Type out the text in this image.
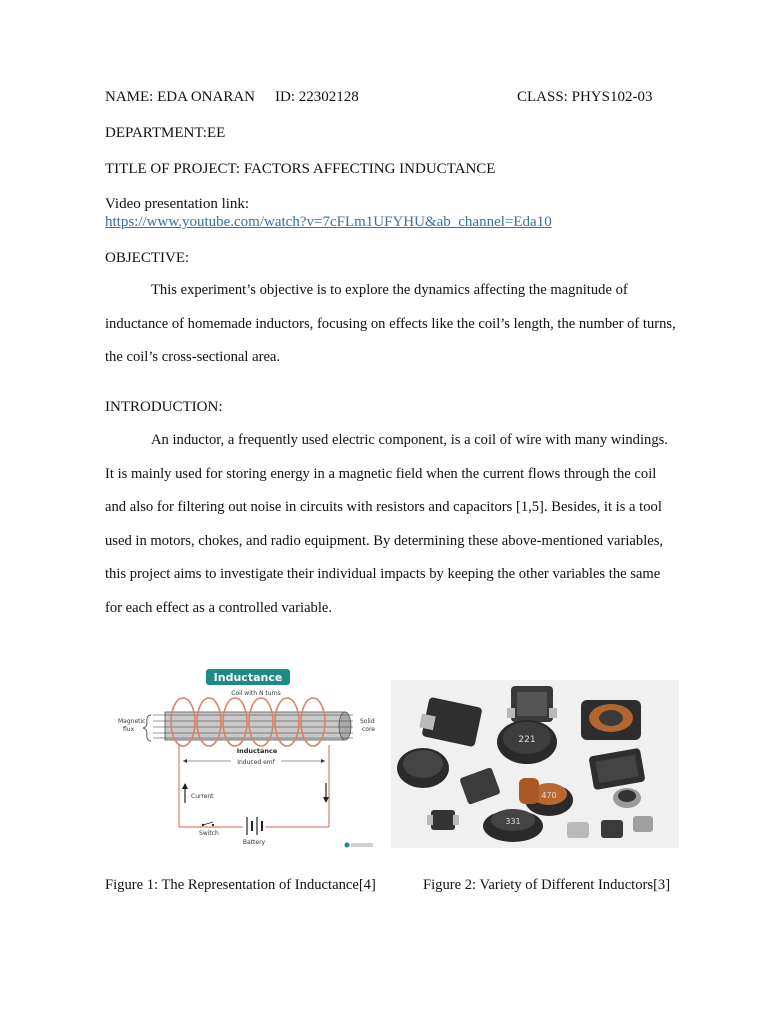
NAME: EDA ONARAN ID: 22302128	CLASS: PHYS102-03
DEPARTMENT:EE
TITLE OF PROJECT: FACTORS AFFECTING INDUCTANCE
Video presentation link:
https://www.youtube.com/watch?v=7cFLm1UFYHU&ab_channel=Eda10
OBJECTIVE:
This experiment’s objective is to explore the dynamics affecting the magnitude of inductance of homemade inductors, focusing on effects like the coil’s length, the number of turns, the coil’s cross-sectional area.
INTRODUCTION:
An inductor, a frequently used electric component, is a coil of wire with many windings. It is mainly used for storing energy in a magnetic field when the current flows through the coil and also for filtering out noise in circuits with resistors and capacitors [1,5]. Besides, it is a tool used in motors, chokes, and radio equipment. By determining these above-mentioned variables, this project aims to investigate their individual impacts by keeping the other variables the same for each effect as a controlled variable.
Inductance
Coil with N turns
Magnetic
flux
Solid
core
Inductance
Induced emf
Current
Switch
Battery
221
470
331
Figure 1: The Representation of Inductance[4]	Figure 2: Variety of Different Inductors[3]
